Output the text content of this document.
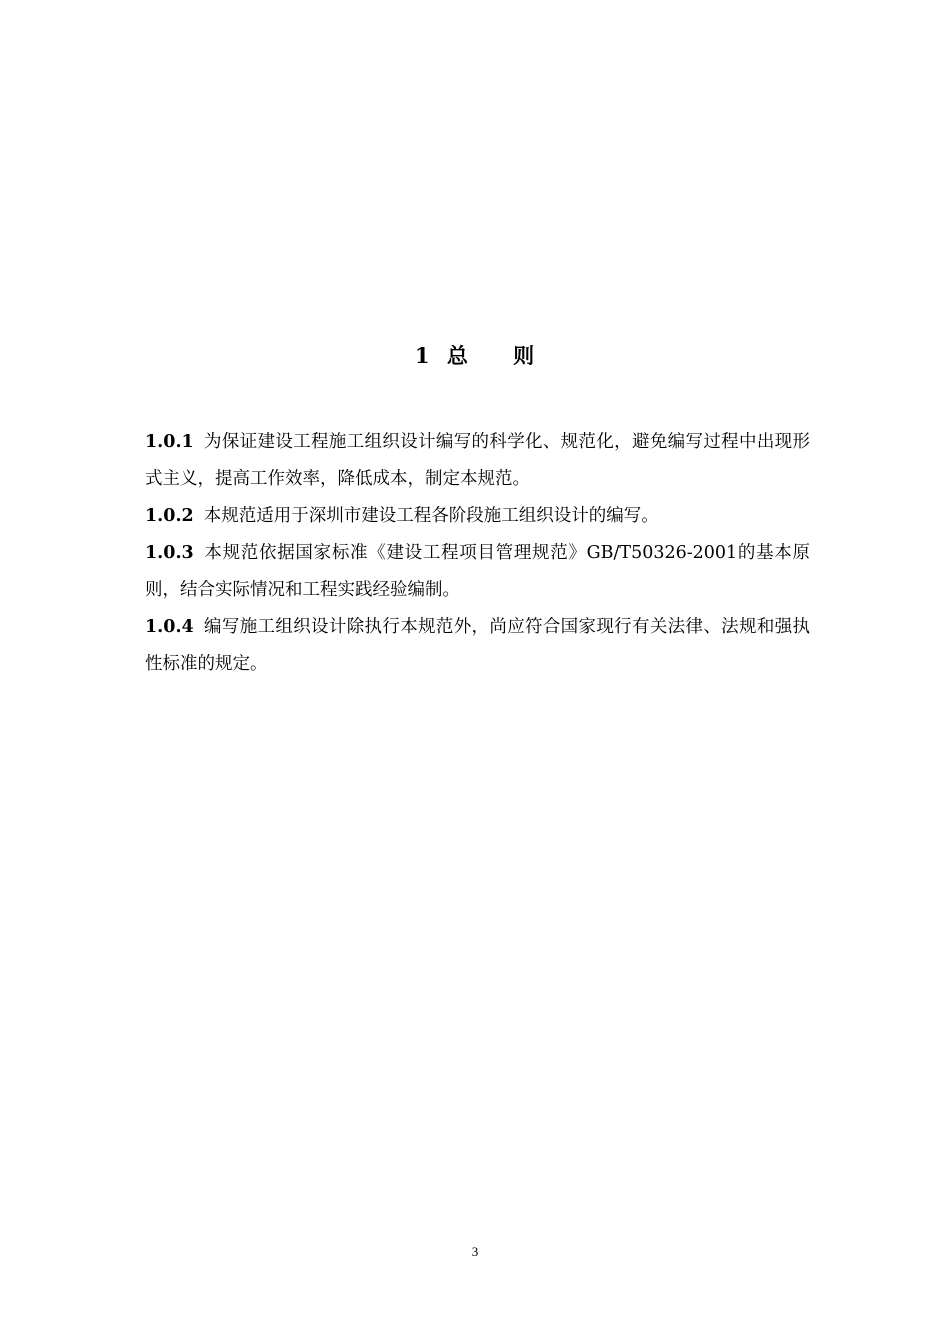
1 总 则

1.0.1 为保证建设工程施工组织设计编写的科学化、规范化，避免编写过程中出现形式主义，提高工作效率，降低成本，制定本规范。

1.0.2 本规范适用于深圳市建设工程各阶段施工组织设计的编写。

1.0.3 本规范依据国家标准《建设工程项目管理规范》GB/T50326-2001的基本原则，结合实际情况和工程实践经验编制。

1.0.4 编写施工组织设计除执行本规范外，尚应符合国家现行有关法律、法规和强执性标准的规定。

3
